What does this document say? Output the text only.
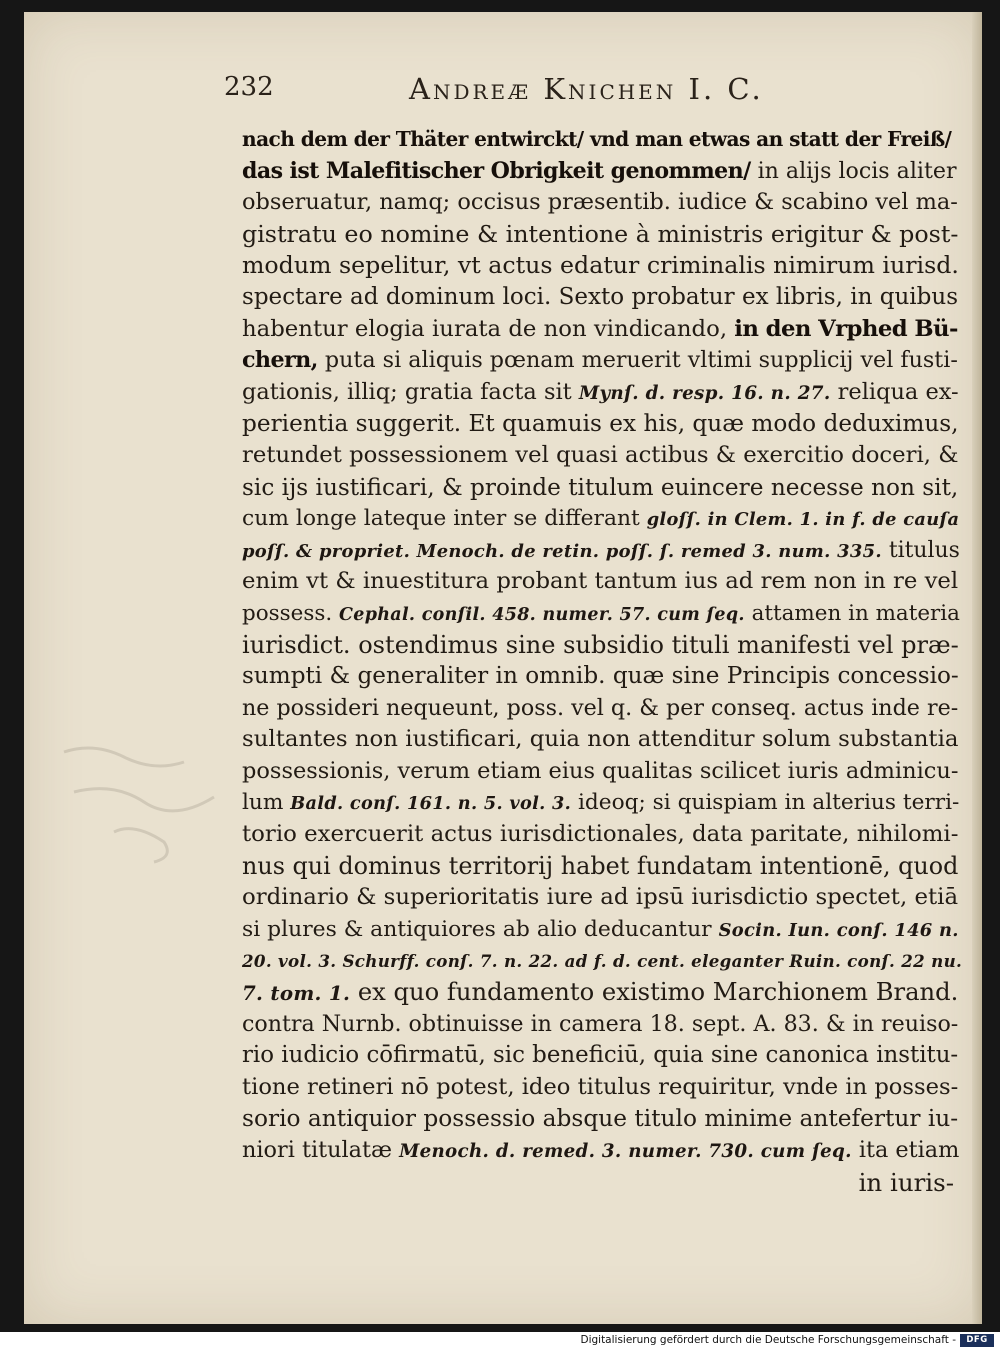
232	Andreæ Knichen I. C.
nach dem der Thäter entwirckt/ vnd man etwas an statt der Freiß/
das ist Malefitischer Obrigkeit genommen/ in alijs locis aliter
obseruatur, namq; occisus præsentib. iudice & scabino vel ma-
gistratu eo nomine & intentione à ministris erigitur & post-
modum sepelitur, vt actus edatur criminalis nimirum iurisd.
spectare ad dominum loci. Sexto probatur ex libris, in quibus
habentur elogia iurata de non vindicando, in den Vrphed Bü-
chern, puta si aliquis pœnam meruerit vltimi supplicij vel fusti-
gationis, illiq; gratia facta sit Mynſ. d. resp. 16. n. 27. reliqua ex-
perientia suggerit. Et quamuis ex his, quæ modo deduximus,
retundet possessionem vel quasi actibus & exercitio doceri, &
sic ijs iustificari, & proinde titulum euincere necesse non sit,
cum longe lateque inter se differant gloſſ. in Clem. 1. in f. de cauſa
poſſ. & propriet. Menoch. de retin. poſſ. ſ. remed 3. num. 335. titulus
enim vt & inuestitura probant tantum ius ad rem non in re vel
possess. Cephal. conſil. 458. numer. 57. cum ſeq. attamen in materia
iurisdict. ostendimus sine subsidio tituli manifesti vel præ-
sumpti & generaliter in omnib. quæ sine Principis concessio-
ne possideri nequeunt, poss. vel q. & per conseq. actus inde re-
sultantes non iustificari, quia non attenditur solum substantia
possessionis, verum etiam eius qualitas scilicet iuris adminicu-
lum Bald. conſ. 161. n. 5. vol. 3. ideoq; si quispiam in alterius terri-
torio exercuerit actus iurisdictionales, data paritate, nihilomi-
nus qui dominus territorij habet fundatam intentionē, quod
ordinario & superioritatis iure ad ipsū iurisdictio spectet, etiā
si plures & antiquiores ab alio deducantur Socin. Iun. conſ. 146 n.
20. vol. 3. Schurff. conſ. 7. n. 22. ad f. d. cent. eleganter Ruin. conſ. 22 nu.
7. tom. 1. ex quo fundamento existimo Marchionem Brand.
contra Nurnb. obtinuisse in camera 18. sept. A. 83. & in reuiso-
rio iudicio cōfirmatū, sic beneficiū, quia sine canonica institu-
tione retineri nō potest, ideo titulus requiritur, vnde in posses-
sorio antiquior possessio absque titulo minime antefertur iu-
niori titulatæ Menoch. d. remed. 3. numer. 730. cum ſeq. ita etiam
in iuris-
Digitalisierung gefördert durch die Deutsche Forschungsgemeinschaft -	DFG
